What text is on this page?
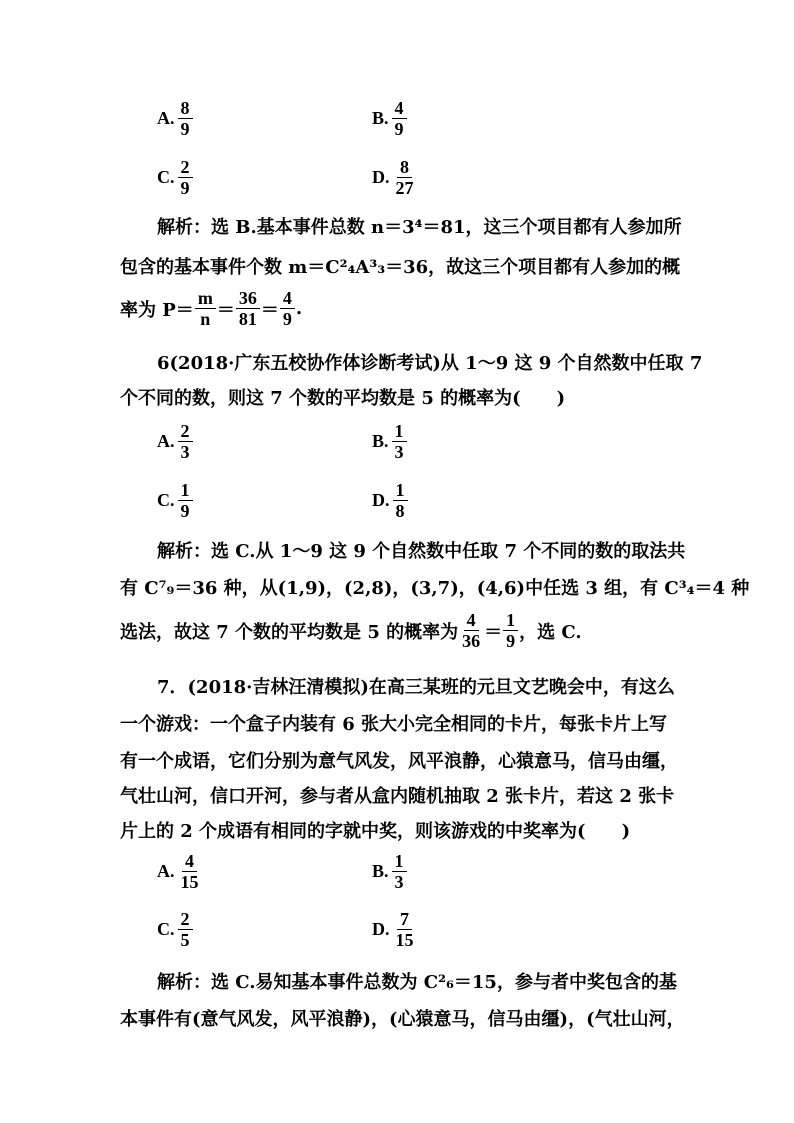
A. $\frac{8}{9}$	B. $\frac{4}{9}$
C. $\frac{2}{9}$	D. $\frac{8}{27}$
解析：选 B.基本事件总数 n＝3⁴＝81，这三个项目都有人参加所
包含的基本事件个数 m＝C²₄A³₃＝36，故这三个项目都有人参加的概
率为 $P= \frac{m}{n} = \frac{36}{81} = \frac{4}{9}$ .
6(2018·广东五校协作体诊断考试)从 1～9 这 9 个自然数中任取 7
个不同的数，则这 7 个数的平均数是 5 的概率为(　　)
A. $\frac{2}{3}$	B. $\frac{1}{3}$
C. $\frac{1}{9}$	D. $\frac{1}{8}$
解析：选 C.从 1～9 这 9 个自然数中任取 7 个不同的数的取法共
有 C⁷₉＝36 种，从(1,9)，(2,8)，(3,7)，(4,6)中任选 3 组，有 C³₄＝4 种
选法，故这 7 个数的平均数是 5 的概率为 $\frac{4}{36} = \frac{1}{9}$ ，选 C.
7．(2018·吉林汪清模拟)在高三某班的元旦文艺晚会中，有这么
一个游戏：一个盒子内装有 6 张大小完全相同的卡片，每张卡片上写
有一个成语，它们分别为意气风发，风平浪静，心猿意马，信马由缰，
气壮山河，信口开河，参与者从盒内随机抽取 2 张卡片，若这 2 张卡
片上的 2 个成语有相同的字就中奖，则该游戏的中奖率为(　　)
A. $\frac{4}{15}$	B. $\frac{1}{3}$
C. $\frac{2}{5}$	D. $\frac{7}{15}$
解析：选 C.易知基本事件总数为 C²₆＝15，参与者中奖包含的基
本事件有(意气风发，风平浪静)，(心猿意马，信马由缰)，(气壮山河，
